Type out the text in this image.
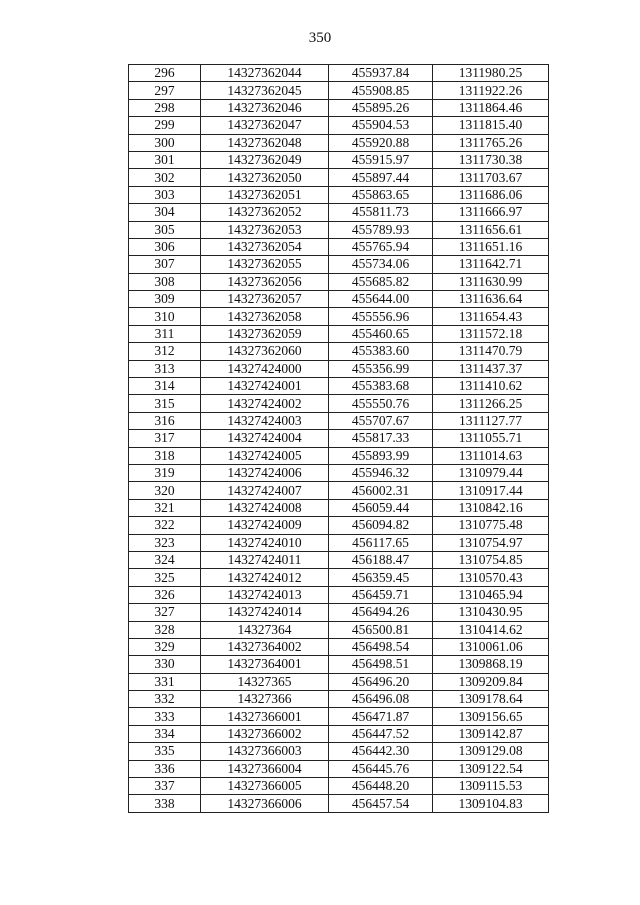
350
296	14327362044	455937.84	1311980.25
297	14327362045	455908.85	1311922.26
298	14327362046	455895.26	1311864.46
299	14327362047	455904.53	1311815.40
300	14327362048	455920.88	1311765.26
301	14327362049	455915.97	1311730.38
302	14327362050	455897.44	1311703.67
303	14327362051	455863.65	1311686.06
304	14327362052	455811.73	1311666.97
305	14327362053	455789.93	1311656.61
306	14327362054	455765.94	1311651.16
307	14327362055	455734.06	1311642.71
308	14327362056	455685.82	1311630.99
309	14327362057	455644.00	1311636.64
310	14327362058	455556.96	1311654.43
311	14327362059	455460.65	1311572.18
312	14327362060	455383.60	1311470.79
313	14327424000	455356.99	1311437.37
314	14327424001	455383.68	1311410.62
315	14327424002	455550.76	1311266.25
316	14327424003	455707.67	1311127.77
317	14327424004	455817.33	1311055.71
318	14327424005	455893.99	1311014.63
319	14327424006	455946.32	1310979.44
320	14327424007	456002.31	1310917.44
321	14327424008	456059.44	1310842.16
322	14327424009	456094.82	1310775.48
323	14327424010	456117.65	1310754.97
324	14327424011	456188.47	1310754.85
325	14327424012	456359.45	1310570.43
326	14327424013	456459.71	1310465.94
327	14327424014	456494.26	1310430.95
328	14327364	456500.81	1310414.62
329	14327364002	456498.54	1310061.06
330	14327364001	456498.51	1309868.19
331	14327365	456496.20	1309209.84
332	14327366	456496.08	1309178.64
333	14327366001	456471.87	1309156.65
334	14327366002	456447.52	1309142.87
335	14327366003	456442.30	1309129.08
336	14327366004	456445.76	1309122.54
337	14327366005	456448.20	1309115.53
338	14327366006	456457.54	1309104.83
